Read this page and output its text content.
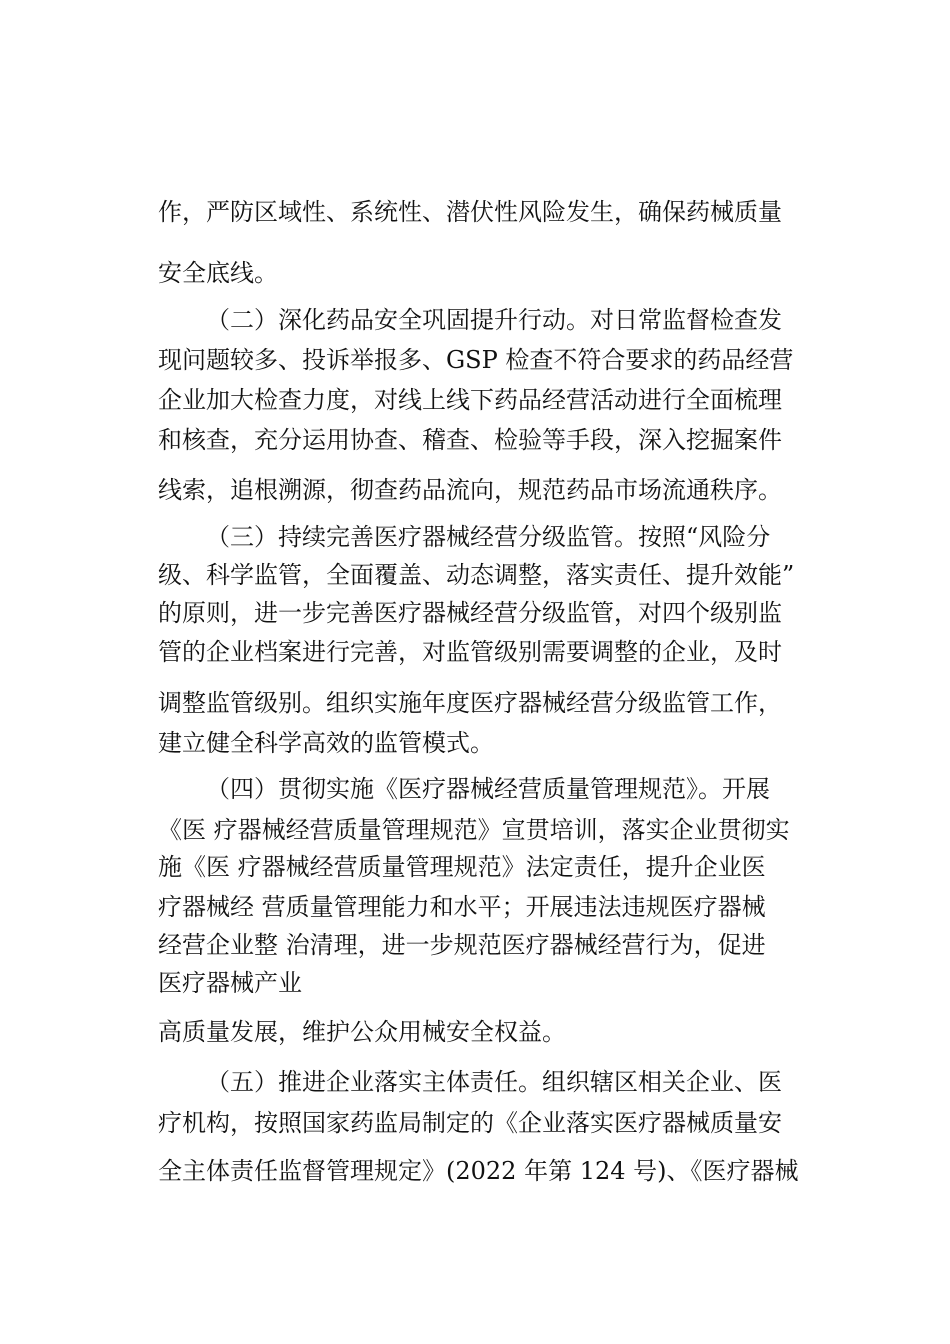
作，严防区域性、系统性、潜伏性风险发生，确保药械质量

安全底线。

（二）深化药品安全巩固提升行动。对日常监督检查发

现问题较多、投诉举报多、GSP 检查不符合要求的药品经营

企业加大检查力度，对线上线下药品经营活动进行全面梳理

和核查，充分运用协查、稽查、检验等手段，深入挖掘案件

线索，追根溯源，彻查药品流向，规范药品市场流通秩序。

（三）持续完善医疗器械经营分级监管。按照“风险分

级、科学监管，全面覆盖、动态调整，落实责任、提升效能”

的原则，进一步完善医疗器械经营分级监管，对四个级别监

管的企业档案进行完善，对监管级别需要调整的企业，及时

调整监管级别。组织实施年度医疗器械经营分级监管工作，

建立健全科学高效的监管模式。

（四）贯彻实施《医疗器械经营质量管理规范》。开展

《医 疗器械经营质量管理规范》宣贯培训，落实企业贯彻实

施《医 疗器械经营质量管理规范》法定责任，提升企业医

疗器械经 营质量管理能力和水平；开展违法违规医疗器械

经营企业整 治清理，进一步规范医疗器械经营行为，促进

医疗器械产业

高质量发展，维护公众用械安全权益。

（五）推进企业落实主体责任。组织辖区相关企业、医

疗机构，按照国家药监局制定的《企业落实医疗器械质量安

全主体责任监督管理规定》(2022 年第 124 号)、《医疗器械
